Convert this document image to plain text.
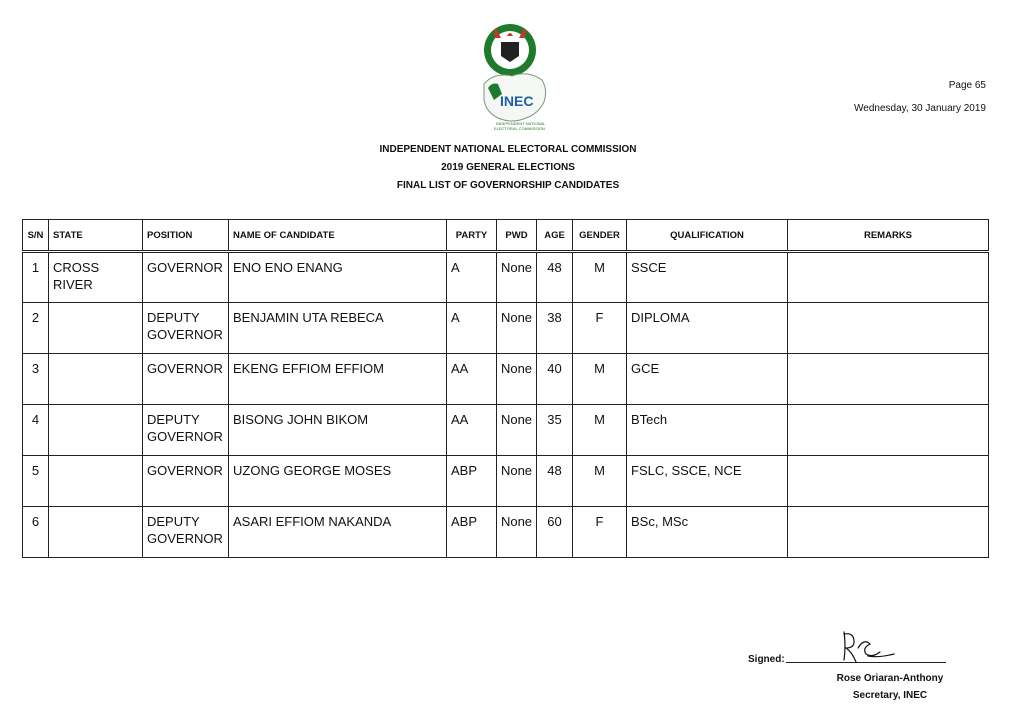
INEC
INDEPENDENT NATIONAL
ELECTORAL COMMISSION
Page 65
Wednesday, 30 January 2019
INDEPENDENT NATIONAL ELECTORAL COMMISSION
2019 GENERAL ELECTIONS
FINAL LIST OF GOVERNORSHIP CANDIDATES
S/N	STATE	POSITION	NAME OF CANDIDATE	PARTY	PWD	AGE	GENDER	QUALIFICATION	REMARKS
1	CROSS RIVER	GOVERNOR	ENO ENO ENANG	A	None	48	M	SSCE	
2		DEPUTY GOVERNOR	BENJAMIN UTA REBECA	A	None	38	F	DIPLOMA	
3		GOVERNOR	EKENG EFFIOM EFFIOM	AA	None	40	M	GCE	
4		DEPUTY GOVERNOR	BISONG JOHN BIKOM	AA	None	35	M	BTech	
5		GOVERNOR	UZONG GEORGE MOSES	ABP	None	48	M	FSLC, SSCE, NCE	
6		DEPUTY GOVERNOR	ASARI EFFIOM NAKANDA	ABP	None	60	F	BSc, MSc	
Signed:
Rose Oriaran-Anthony
Secretary, INEC
